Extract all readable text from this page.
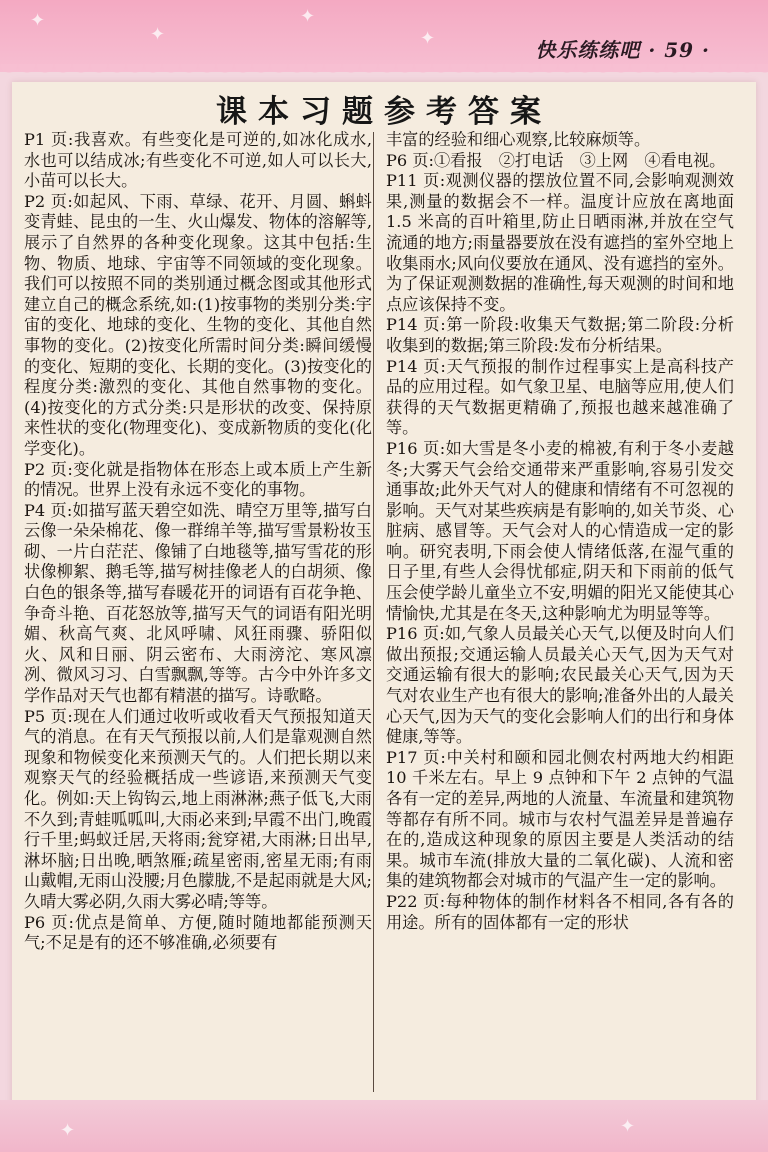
✦
✦
✦
✦	快乐练练吧 · 59 ·
课本习题参考答案

P1 页:我喜欢。有些变化是可逆的,如冰化成水,水也可以结成冰;有些变化不可逆,如人可以长大,小苗可以长大。

P2 页:如起风、下雨、草绿、花开、月圆、蝌蚪变青蛙、昆虫的一生、火山爆发、物体的溶解等,展示了自然界的各种变化现象。这其中包括:生物、物质、地球、宇宙等不同领域的变化现象。我们可以按照不同的类别通过概念图或其他形式建立自己的概念系统,如:(1)按事物的类别分类:宇宙的变化、地球的变化、生物的变化、其他自然事物的变化。(2)按变化所需时间分类:瞬间缓慢的变化、短期的变化、长期的变化。(3)按变化的程度分类:激烈的变化、其他自然事物的变化。(4)按变化的方式分类:只是形状的改变、保持原来性状的变化(物理变化)、变成新物质的变化(化学变化)。

P2 页:变化就是指物体在形态上或本质上产生新的情况。世界上没有永远不变化的事物。

P4 页:如描写蓝天碧空如洗、晴空万里等,描写白云像一朵朵棉花、像一群绵羊等,描写雪景粉妆玉砌、一片白茫茫、像铺了白地毯等,描写雪花的形状像柳絮、鹅毛等,描写树挂像老人的白胡须、像白色的银条等,描写春暖花开的词语有百花争艳、争奇斗艳、百花怒放等,描写天气的词语有阳光明媚、秋高气爽、北风呼啸、风狂雨骤、骄阳似火、风和日丽、阴云密布、大雨滂沱、寒风凛冽、微风习习、白雪飘飘,等等。古今中外许多文学作品对天气也都有精湛的描写。诗歌略。

P5 页:现在人们通过收听或收看天气预报知道天气的消息。在有天气预报以前,人们是靠观测自然现象和物候变化来预测天气的。人们把长期以来观察天气的经验概括成一些谚语,来预测天气变化。例如:天上钩钩云,地上雨淋淋;燕子低飞,大雨不久到;青蛙呱呱叫,大雨必来到;早霞不出门,晚霞行千里;蚂蚁迁居,天将雨;瓮穿裙,大雨淋;日出早,淋坏脑;日出晚,晒煞雁;疏星密雨,密星无雨;有雨山戴帽,无雨山没腰;月色朦胧,不是起雨就是大风;久晴大雾必阴,久雨大雾必晴;等等。

P6 页:优点是简单、方便,随时随地都能预测天气;不足是有的还不够准确,必须要有

丰富的经验和细心观察,比较麻烦等。

P6 页:①看报　②打电话　③上网　④看电视。

P11 页:观测仪器的摆放位置不同,会影响观测效果,测量的数据会不一样。温度计应放在离地面 1.5 米高的百叶箱里,防止日晒雨淋,并放在空气流通的地方;雨量器要放在没有遮挡的室外空地上收集雨水;风向仪要放在通风、没有遮挡的室外。为了保证观测数据的准确性,每天观测的时间和地点应该保持不变。

P14 页:第一阶段:收集天气数据;第二阶段:分析收集到的数据;第三阶段:发布分析结果。

P14 页:天气预报的制作过程事实上是高科技产品的应用过程。如气象卫星、电脑等应用,使人们获得的天气数据更精确了,预报也越来越准确了等。

P16 页:如大雪是冬小麦的棉被,有利于冬小麦越冬;大雾天气会给交通带来严重影响,容易引发交通事故;此外天气对人的健康和情绪有不可忽视的影响。天气对某些疾病是有影响的,如关节炎、心脏病、感冒等。天气会对人的心情造成一定的影响。研究表明,下雨会使人情绪低落,在湿气重的日子里,有些人会得忧郁症,阴天和下雨前的低气压会使学龄儿童坐立不安,明媚的阳光又能使其心情愉快,尤其是在冬天,这种影响尤为明显等等。

P16 页:如,气象人员最关心天气,以便及时向人们做出预报;交通运输人员最关心天气,因为天气对交通运输有很大的影响;农民最关心天气,因为天气对农业生产也有很大的影响;准备外出的人最关心天气,因为天气的变化会影响人们的出行和身体健康,等等。

P17 页:中关村和颐和园北侧农村两地大约相距 10 千米左右。早上 9 点钟和下午 2 点钟的气温各有一定的差异,两地的人流量、车流量和建筑物等都存有所不同。城市与农村气温差异是普遍存在的,造成这种现象的原因主要是人类活动的结果。城市车流(排放大量的二氧化碳)、人流和密集的建筑物都会对城市的气温产生一定的影响。

P22 页:每种物体的制作材料各不相同,各有各的用途。所有的固体都有一定的形状

✦	✦
